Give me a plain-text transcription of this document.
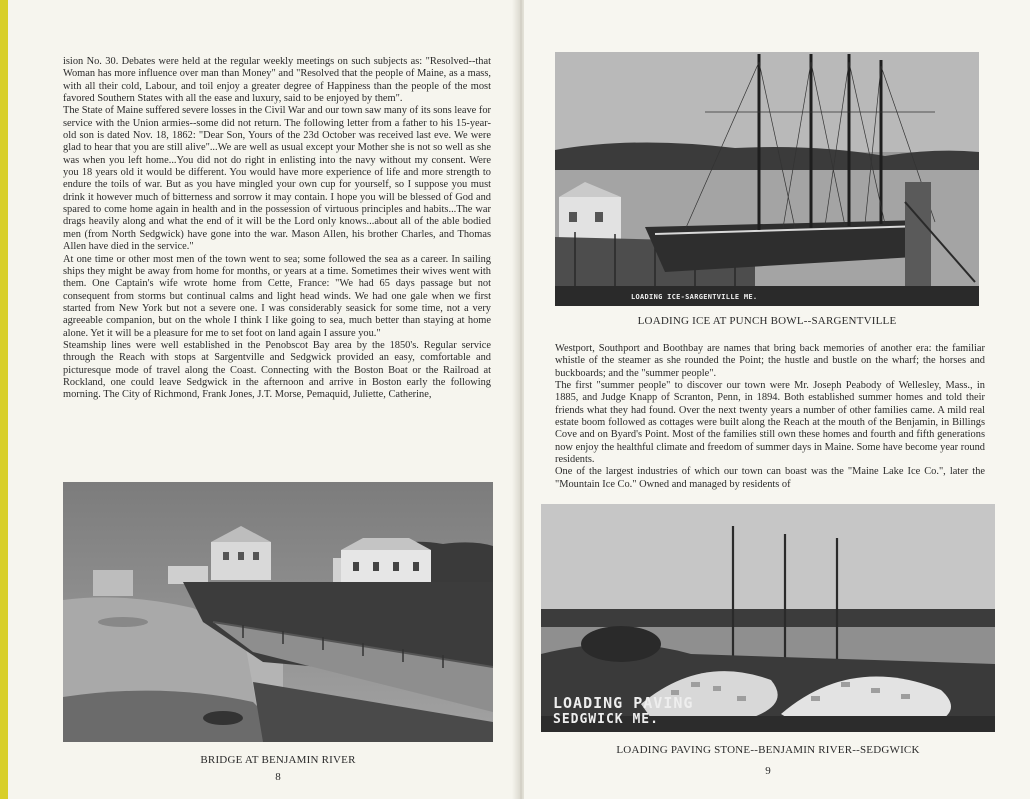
ision No. 30. Debates were held at the regular weekly meetings on such subjects as: "Resolved--that Woman has more influence over man than Money" and "Resolved that the people of Maine, as a mass, with all their cold, Labour, and toil enjoy a greater degree of Happiness than the people of the most favored Southern States with all the ease and luxury, said to be enjoyed by them".

The State of Maine suffered severe losses in the Civil War and our town saw many of its sons leave for service with the Union armies--some did not return. The following letter from a father to his 15-year-old son is dated Nov. 18, 1862: "Dear Son, Yours of the 23d October was received last eve. We were glad to hear that you are still alive"...We are well as usual except your Mother she is not so well as she was when you left home...You did not do right in enlisting into the navy without my consent. Were you 18 years old it would be different. You would have more experience of life and more strength to endure the toils of war. But as you have mingled your own cup for yourself, so I suppose you must drink it however much of bitterness and sorrow it may contain. I hope you will be blessed of God and spared to come home again in health and in the possession of virtuous principles and habits...The war drags heavily along and what the end of it will be the Lord only knows...about all of the able bodied men (from North Sedgwick) have gone into the war. Mason Allen, his brother Charles, and Thomas Allen have died in the service."

At one time or other most men of the town went to sea; some followed the sea as a career. In sailing ships they might be away from home for months, or years at a time. Sometimes their wives went with them. One Captain's wife wrote home from Cette, France: "We had 65 days passage but not consequent from storms but continual calms and light head winds. We had one gale when we first started from New York but not a severe one. I was considerably seasick for some time, not a very agreeable companion, but on the whole I think I like going to sea, much better than staying at home alone. Yet it will be a pleasure for me to set foot on land again I assure you."

Steamship lines were well established in the Penobscot Bay area by the 1850's. Regular service through the Reach with stops at Sargentville and Sedgwick provided an easy, comfortable and picturesque mode of travel along the Coast. Connecting with the Boston Boat or the Railroad at Rockland, one could leave Sedgwick in the afternoon and arrive in Boston early the following morning. The City of Richmond, Frank Jones, J.T. Morse, Pemaquid, Juliette, Catherine,

BRIDGE AT BENJAMIN RIVER
8
LOADING ICE-SARGENTVILLE ME.
LOADING ICE AT PUNCH BOWL--SARGENTVILLE

Westport, Southport and Boothbay are names that bring back memories of another era: the familiar whistle of the steamer as she rounded the Point; the hustle and bustle on the wharf; the horses and buckboards; and the "summer people".

The first "summer people" to discover our town were Mr. Joseph Peabody of Wellesley, Mass., in 1885, and Judge Knapp of Scranton, Penn, in 1894. Both established summer homes and told their friends what they had found. Over the next twenty years a number of other families came. A mild real estate boom followed as cottages were built along the Reach at the mouth of the Benjamin, in Billings Cove and on Byard's Point. Most of the families still own these homes and fourth and fifth generations now enjoy the healthful climate and freedom of summer days in Maine. Some have become year round residents.

One of the largest industries of which our town can boast was the "Maine Lake Ice Co.", later the "Mountain Ice Co." Owned and managed by residents of

LOADING PAVING
SEDGWICK ME.
LOADING PAVING STONE--BENJAMIN RIVER--SEDGWICK
9
